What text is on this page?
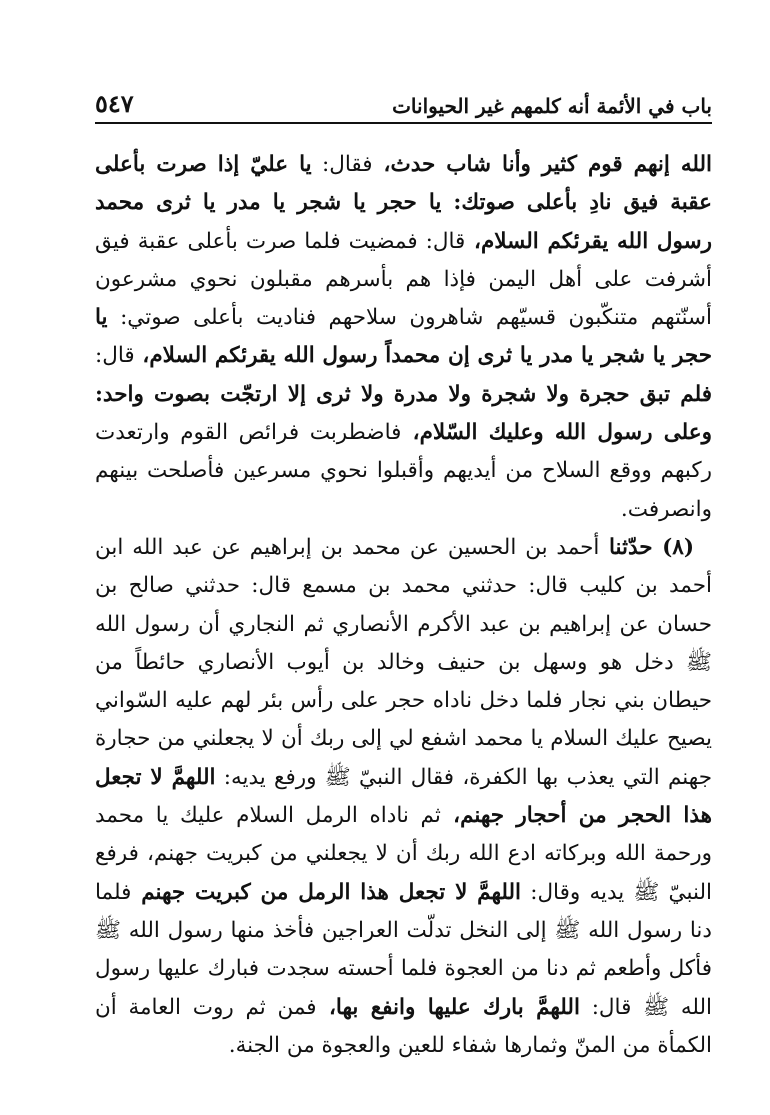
باب في الأئمة أنه كلمهم غير الحيوانات
٥٤٧

الله إنهم قوم كثير وأنا شاب حدث، فقال: يا عليّ إذا صرت بأعلى عقبة فيق نادِ بأعلى صوتك: يا حجر يا شجر يا مدر يا ثرى محمد رسول الله يقرئكم السلام، قال: فمضيت فلما صرت بأعلى عقبة فيق أشرفت على أهل اليمن فإذا هم بأسرهم مقبلون نحوي مشرعون أسنّتهم متنكّبون قسيّهم شاهرون سلاحهم فناديت بأعلى صوتي: يا حجر يا شجر يا مدر يا ثرى إن محمداً رسول الله يقرئكم السلام، قال: فلم تبق حجرة ولا شجرة ولا مدرة ولا ثرى إلا ارتجّت بصوت واحد: وعلى رسول الله وعليك السّلام، فاضطربت فرائص القوم وارتعدت ركبهم ووقع السلاح من أيديهم وأقبلوا نحوي مسرعين فأصلحت بينهم وانصرفت.

(٨) حدّثنا أحمد بن الحسين عن محمد بن إبراهيم عن عبد الله ابن أحمد بن كليب قال: حدثني محمد بن مسمع قال: حدثني صالح بن حسان عن إبراهيم بن عبد الأكرم الأنصاري ثم النجاري أن رسول الله ﷺ دخل هو وسهل بن حنيف وخالد بن أيوب الأنصاري حائطاً من حيطان بني نجار فلما دخل ناداه حجر على رأس بئر لهم عليه السّواني يصيح عليك السلام يا محمد اشفع لي إلى ربك أن لا يجعلني من حجارة جهنم التي يعذب بها الكفرة، فقال النبيّ ﷺ ورفع يديه: اللهمَّ لا تجعل هذا الحجر من أحجار جهنم، ثم ناداه الرمل السلام عليك يا محمد ورحمة الله وبركاته ادع الله ربك أن لا يجعلني من كبريت جهنم، فرفع النبيّ ﷺ يديه وقال: اللهمَّ لا تجعل هذا الرمل من كبريت جهنم فلما دنا رسول الله ﷺ إلى النخل تدلّت العراجين فأخذ منها رسول الله ﷺ فأكل وأطعم ثم دنا من العجوة فلما أحسته سجدت فبارك عليها رسول الله ﷺ قال: اللهمَّ بارك عليها وانفع بها، فمن ثم روت العامة أن الكمأة من المنّ وثمارها شفاء للعين والعجوة من الجنة.
